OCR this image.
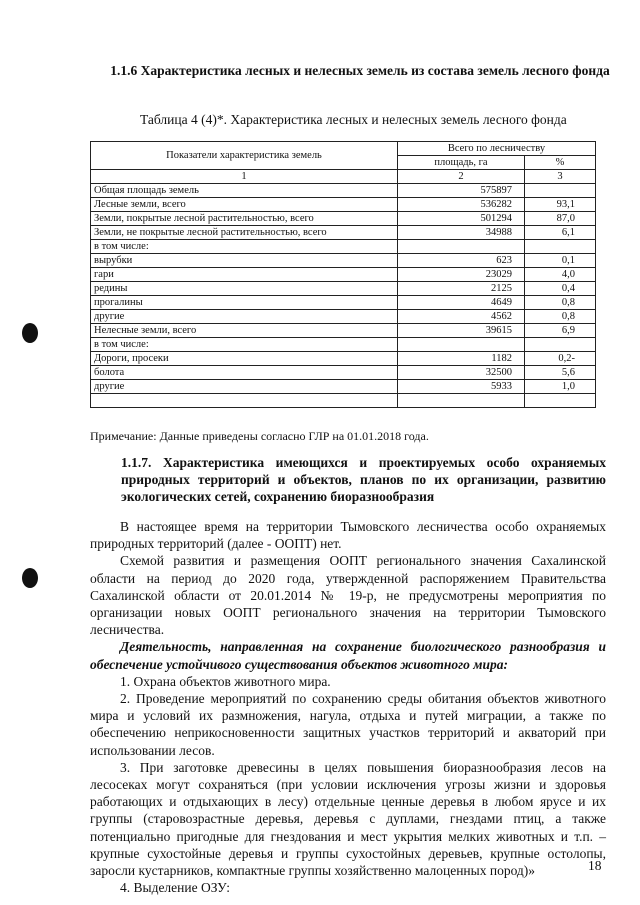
1.1.6 Характеристика лесных и нелесных земель из состава земель лесного фонда
Таблица 4 (4)*. Характеристика лесных и нелесных земель лесного фонда
Показатели характеристика земель	Всего по лесничеству	
	площадь, га	%
1	2	3
Общая площадь земель	575897	
Лесные земли, всего	536282	93,1
Земли, покрытые лесной растительностью, всего	501294	87,0
Земли, не покрытые лесной растительностью, всего	34988	6,1
в том числе:		
вырубки	623	0,1
гари	23029	4,0
редины	2125	0,4
прогалины	4649	0,8
другие	4562	0,8
Нелесные земли, всего	39615	6,9
в том числе:		
Дороги, просеки	1182	0,2-
болота	32500	5,6
другие	5933	1,0

Примечание: Данные приведены согласно ГЛР на 01.01.2018 года.
1.1.7. Характеристика имеющихся и проектируемых особо охраняемых природных территорий и объектов, планов по их организации, развитию экологических сетей, сохранению биоразнообразия

В настоящее время на территории Тымовского лесничества особо охраняемых природных территорий (далее - ООПТ) нет.

Схемой развития и размещения ООПТ регионального значения Сахалинской области на период до 2020 года, утвержденной распоряжением Правительства Сахалинской области от 20.01.2014 № 19-р, не предусмотрены мероприятия по организации новых ООПТ регионального значения на территории Тымовского лесничества.

Деятельность, направленная на сохранение биологического разнообразия и обеспечение устойчивого существования объектов животного мира:

1. Охрана объектов животного мира.

2. Проведение мероприятий по сохранению среды обитания объектов животного мира и условий их размножения, нагула, отдыха и путей миграции, а также по обеспечению неприкосновенности защитных участков территорий и акваторий при использовании лесов.

3. При заготовке древесины в целях повышения биоразнообразия лесов на лесосеках могут сохраняться (при условии исключения угрозы жизни и здоровья работающих и отдыхающих в лесу) отдельные ценные деревья в любом ярусе и их группы (старовозрастные деревья, деревья с дуплами, гнездами птиц, а также потенциально пригодные для гнездования и мест укрытия мелких животных и т.п. – крупные сухостойные деревья и группы сухостойных деревьев, крупные остолопы, заросли кустарников, компактные группы хозяйственно малоценных пород)»

4. Выделение ОЗУ:

18
